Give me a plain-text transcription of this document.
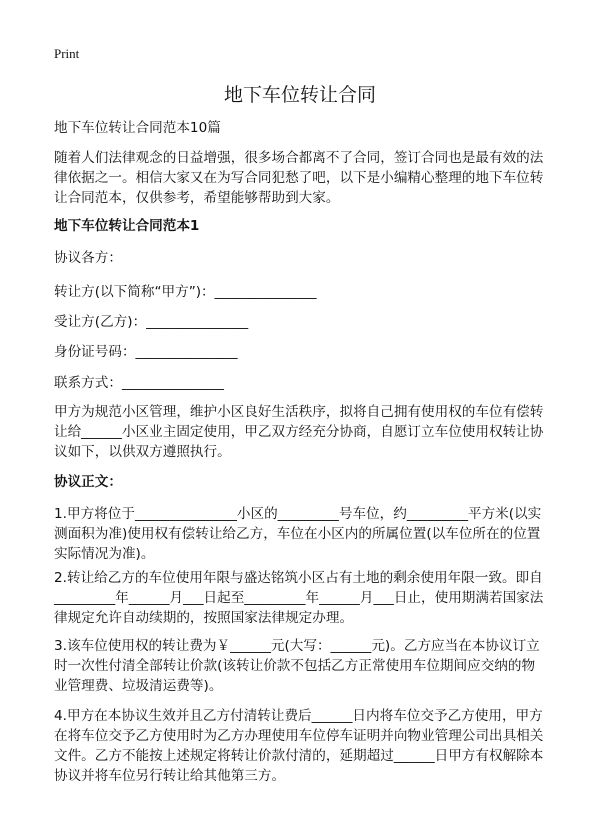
Print
地下车位转让合同
地下车位转让合同范本10篇
随着人们法律观念的日益增强，很多场合都离不了合同，签订合同也是最有效的法
律依据之一。相信大家又在为写合同犯愁了吧，以下是小编精心整理的地下车位转
让合同范本，仅供参考，希望能够帮助到大家。
地下车位转让合同范本1
协议各方：
转让方(以下简称“甲方”)：_______________
受让方(乙方)：_______________
身份证号码：_______________
联系方式：_______________
甲方为规范小区管理，维护小区良好生活秩序，拟将自己拥有使用权的车位有偿转
让给______小区业主固定使用，甲乙双方经充分协商，自愿订立车位使用权转让协
议如下，以供双方遵照执行。
协议正文：
1.甲方将位于_______________小区的_________号车位，约_________平方米(以实
测面积为准)使用权有偿转让给乙方，车位在小区内的所属位置(以车位所在的位置
实际情况为准)。
2.转让给乙方的车位使用年限与盛达铭筑小区占有土地的剩余使用年限一致。即自
_________年______月___日起至_________年______月___日止，使用期满若国家法
律规定允许自动续期的，按照国家法律规定办理。
3.该车位使用权的转让费为￥______元(大写：______元)。乙方应当在本协议订立
时一次性付清全部转让价款(该转让价款不包括乙方正常使用车位期间应交纳的物
业管理费、垃圾清运费等)。
4.甲方在本协议生效并且乙方付清转让费后______日内将车位交予乙方使用，甲方
在将车位交予乙方使用时为乙方办理使用车位停车证明并向物业管理公司出具相关
文件。乙方不能按上述规定将转让价款付清的，延期超过______日甲方有权解除本
协议并将车位另行转让给其他第三方。
